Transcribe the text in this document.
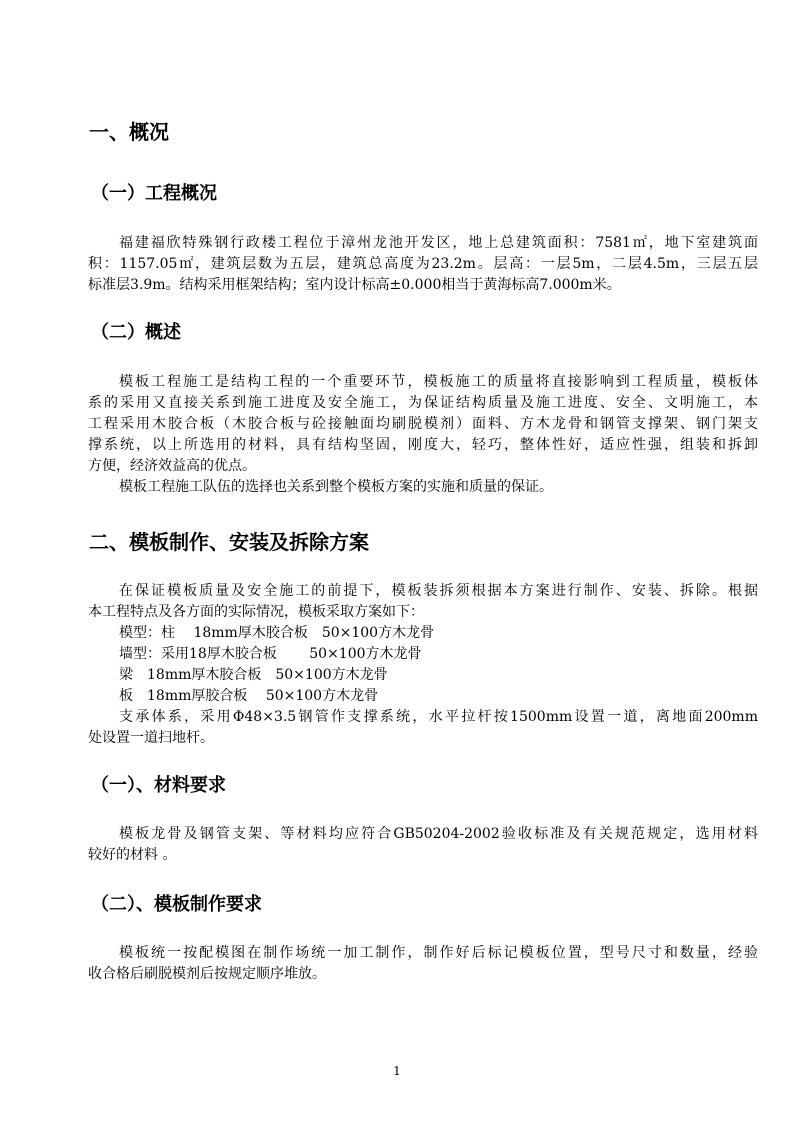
一、概况
（一）工程概况
福建福欣特殊钢行政楼工程位于漳州龙池开发区，地上总建筑面积：7581㎡，地下室建筑面
积：1157.05㎡，建筑层数为五层，建筑总高度为23.2m。层高：一层5m，二层4.5m，三层五层
标准层3.9m。结构采用框架结构；室内设计标高±0.000相当于黄海标高7.000m米。
（二）概述
模板工程施工是结构工程的一个重要环节，模板施工的质量将直接影响到工程质量，模板体
系的采用又直接关系到施工进度及安全施工，为保证结构质量及施工进度、安全、文明施工，本
工程采用木胶合板（木胶合板与砼接触面均刷脱模剂）面料、方木龙骨和钢管支撑架、钢门架支
撑系统，以上所选用的材料，具有结构坚固，刚度大，轻巧，整体性好，适应性强，组装和拆卸
方便，经济效益高的优点。
模板工程施工队伍的选择也关系到整个模板方案的实施和质量的保证。
二、模板制作、安装及拆除方案
在保证模板质量及安全施工的前提下，模板装拆须根据本方案进行制作、安装、拆除。根据
本工程特点及各方面的实际情况，模板采取方案如下：
模型：柱　 18mm厚木胶合板　50×100方木龙骨
墙型：采用18厚木胶合板　　 50×100方木龙骨
梁　18mm厚木胶合板　50×100方木龙骨
板　18mm厚胶合板　 50×100方木龙骨
支承体系，采用Φ48×3.5钢管作支撑系统，水平拉杆按1500mm设置一道，离地面200mm
处设置一道扫地杆。
（一）、材料要求
模板龙骨及钢管支架、等材料均应符合GB50204-2002验收标准及有关规范规定，选用材料
较好的材料 。
（二）、模板制作要求
模板统一按配模图在制作场统一加工制作，制作好后标记模板位置，型号尺寸和数量，经验
收合格后刷脱模剂后按规定顺序堆放。
1
